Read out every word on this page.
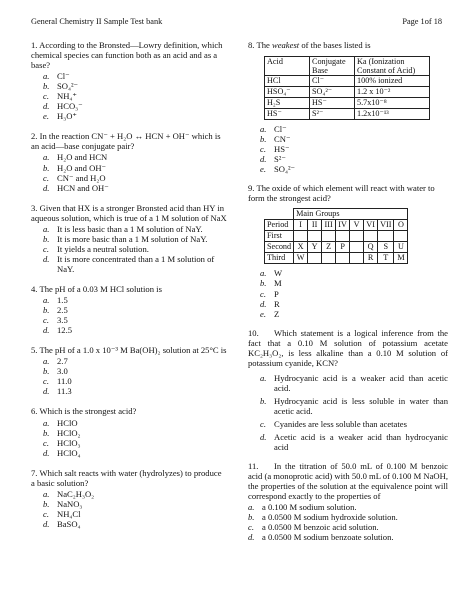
General Chemistry II Sample Test bank	Page 1of 18
1. According to the Bronsted—Lowry definition, which chemical species can function both as an acid and as a base?
a. Cl⁻
b. SO₄²⁻
c. NH₄⁺
d. HCO₃⁻
e. H₃O⁺
2. In the reaction CN⁻ + H₂O ↔ HCN + OH⁻ which is an acid—base conjugate pair?
a. H₂O and HCN
b. H₂O and OH⁻
c. CN⁻ and H₂O
d. HCN and OH⁻
3. Given that HX is a stronger Bronsted acid than HY in aqueous solution, which is true of a 1 M solution of NaX
a. It is less basic than a 1 M solution of NaY.
b. It is more basic than a 1 M solution of NaY.
c. It yields a neutral solution.
d. It is more concentrated than a 1 M solution of NaY.
4. The pH of a 0.03 M HCl solution is
a. 1.5
b. 2.5
c. 3.5
d. 12.5
5. The pH of a 1.0 x 10⁻³ M Ba(OH)₂ solution at 25°C is
a. 2.7
b. 3.0
c. 11.0
d. 11.3
6. Which is the strongest acid?
a. HClO
b. HClO₂
c. HClO₃
d. HClO₄
7. Which salt reacts with water (hydrolyzes) to produce a basic solution?
a. NaC₂H₃O₂
b. NaNO₃
c. NH₄Cl
d. BaSO₄
8. The weakest of the bases listed is
Acid	Conjugate Base	Ka (Ionization Constant of Acid)
HCl	Cl⁻	100% ionized
HSO₄⁻	SO₄²⁻	1.2 x 10⁻²
H₂S	HS⁻	5.7x10⁻⁸
HS⁻	S²⁻	1.2x10⁻¹³
a. Cl⁻
b. CN⁻
c. HS⁻
d. S²⁻
e. SO₄²⁻
9. The oxide of which element will react with water to form the strongest acid?
	Main Groups							
Period	I	II	III	IV	V	VI	VII	O
First								
Second	X	Y	Z	P		Q	S	U
Third	W					R	T	M
a. W
b. M
c. P
d. R
e. Z
10. Which statement is a logical inference from the fact that a 0.10 M solution of potassium acetate KC₂H₃O₂, is less alkaline than a 0.10 M solution of potassium cyanide, KCN?
a. Hydrocyanic acid is a weaker acid than acetic acid.
b. Hydrocyanic acid is less soluble in water than acetic acid.
c. Cyanides are less soluble than acetates
d. Acetic acid is a weaker acid than hydrocyanic acid
11. In the titration of 50.0 mL of 0.100 M benzoic acid (a monoprotic acid) with 50.0 mL of 0.100 M NaOH, the properties of the solution at the equivalence point will correspond exactly to the properties of
a. a 0.100 M sodium solution.
b. a 0.0500 M sodium hydroxide solution.
c. a 0.0500 M benzoic acid solution.
d. a 0.0500 M sodium benzoate solution.
